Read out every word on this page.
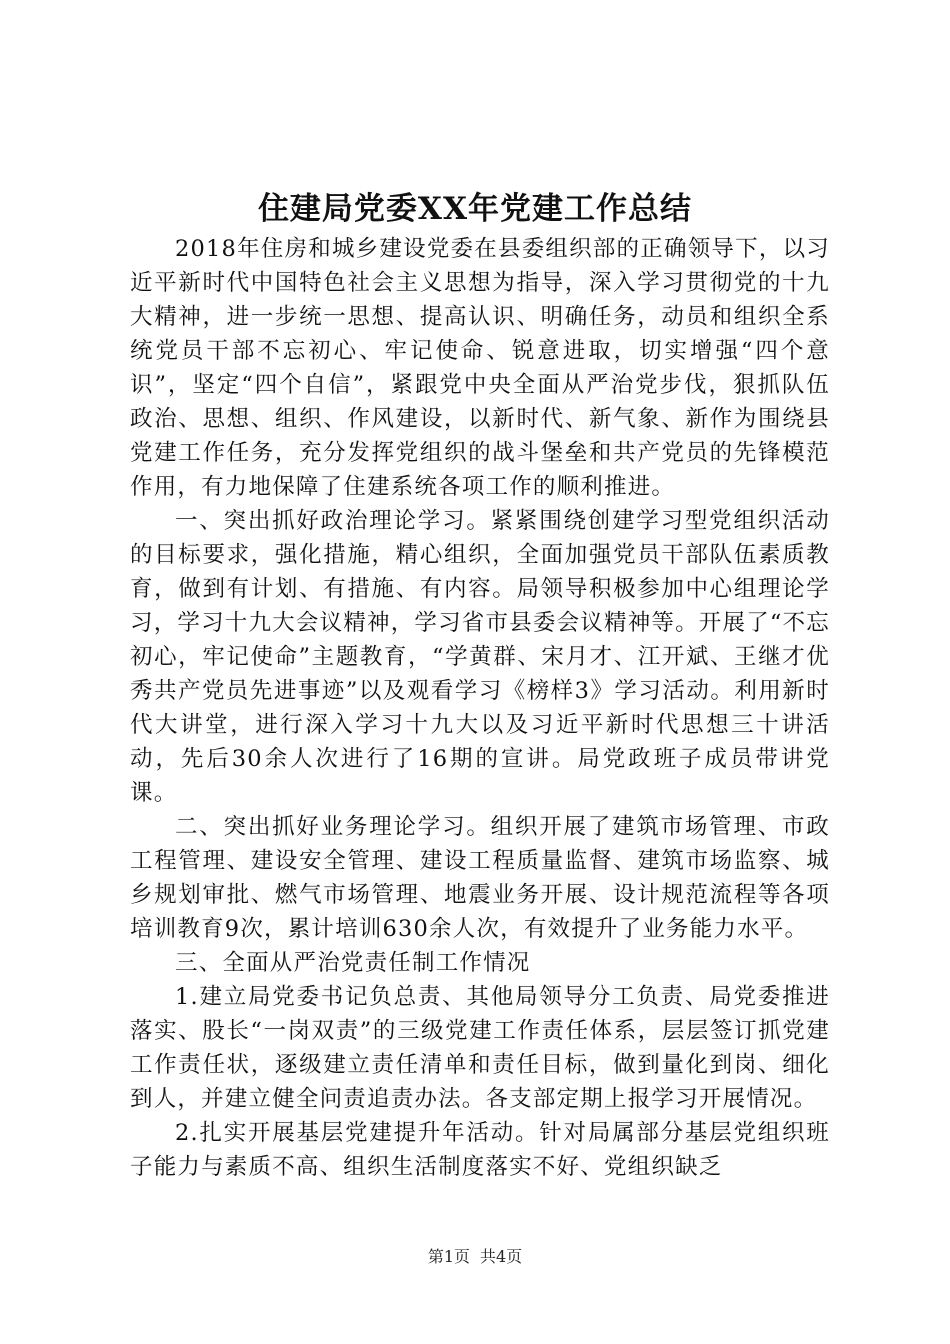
住建局党委XX年党建工作总结

2018年住房和城乡建设党委在县委组织部的正确领导下，以习近平新时代中国特色社会主义思想为指导，深入学习贯彻党的十九大精神，进一步统一思想、提高认识、明确任务，动员和组织全系统党员干部不忘初心、牢记使命、锐意进取，切实增强“四个意识”，坚定“四个自信”，紧跟党中央全面从严治党步伐，狠抓队伍政治、思想、组织、作风建设，以新时代、新气象、新作为围绕县党建工作任务，充分发挥党组织的战斗堡垒和共产党员的先锋模范作用，有力地保障了住建系统各项工作的顺利推进。

一、突出抓好政治理论学习。紧紧围绕创建学习型党组织活动的目标要求，强化措施，精心组织，全面加强党员干部队伍素质教育，做到有计划、有措施、有内容。局领导积极参加中心组理论学习，学习十九大会议精神，学习省市县委会议精神等。开展了“不忘初心，牢记使命”主题教育，“学黄群、宋月才、江开斌、王继才优秀共产党员先进事迹”以及观看学习《榜样3》学习活动。利用新时代大讲堂，进行深入学习十九大以及习近平新时代思想三十讲活动，先后30余人次进行了16期的宣讲。局党政班子成员带讲党课。

二、突出抓好业务理论学习。组织开展了建筑市场管理、市政工程管理、建设安全管理、建设工程质量监督、建筑市场监察、城乡规划审批、燃气市场管理、地震业务开展、设计规范流程等各项培训教育9次，累计培训630余人次，有效提升了业务能力水平。

三、全面从严治党责任制工作情况

1.建立局党委书记负总责、其他局领导分工负责、局党委推进落实、股长“一岗双责”的三级党建工作责任体系，层层签订抓党建工作责任状，逐级建立责任清单和责任目标，做到量化到岗、细化到人，并建立健全问责追责办法。各支部定期上报学习开展情况。

2.扎实开展基层党建提升年活动。针对局属部分基层党组织班子能力与素质不高、组织生活制度落实不好、党组织缺乏

第1页 共4页
